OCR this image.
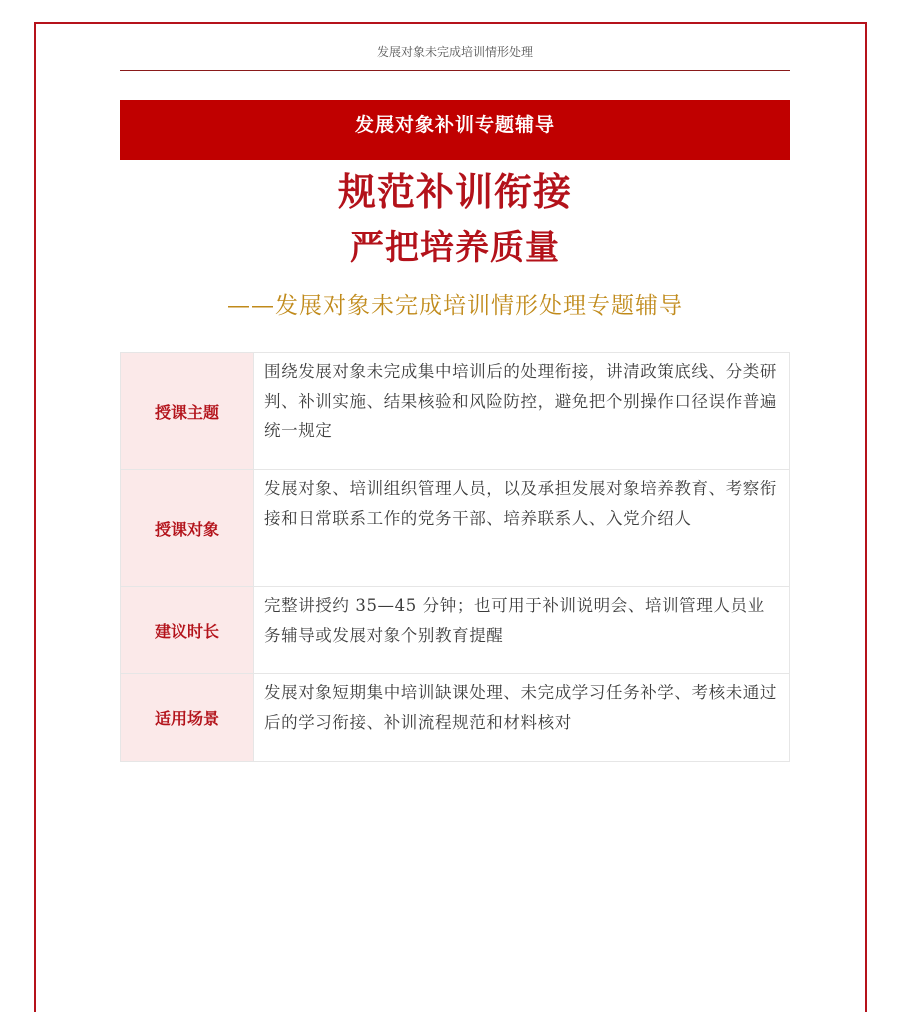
发展对象未完成培训情形处理
发展对象补训专题辅导
规范补训衔接
严把培养质量
——发展对象未完成培训情形处理专题辅导
授课主题	围绕发展对象未完成集中培训后的处理衔接，讲清政策底线、分类研判、补训实施、结果核验和风险防控，避免把个别操作口径误作普遍统一规定
授课对象	发展对象、培训组织管理人员，以及承担发展对象培养教育、考察衔接和日常联系工作的党务干部、培养联系人、入党介绍人
建议时长	完整讲授约 35—45 分钟；也可用于补训说明会、培训管理人员业务辅导或发展对象个别教育提醒
适用场景	发展对象短期集中培训缺课处理、未完成学习任务补学、考核未通过后的学习衔接、补训流程规范和材料核对
